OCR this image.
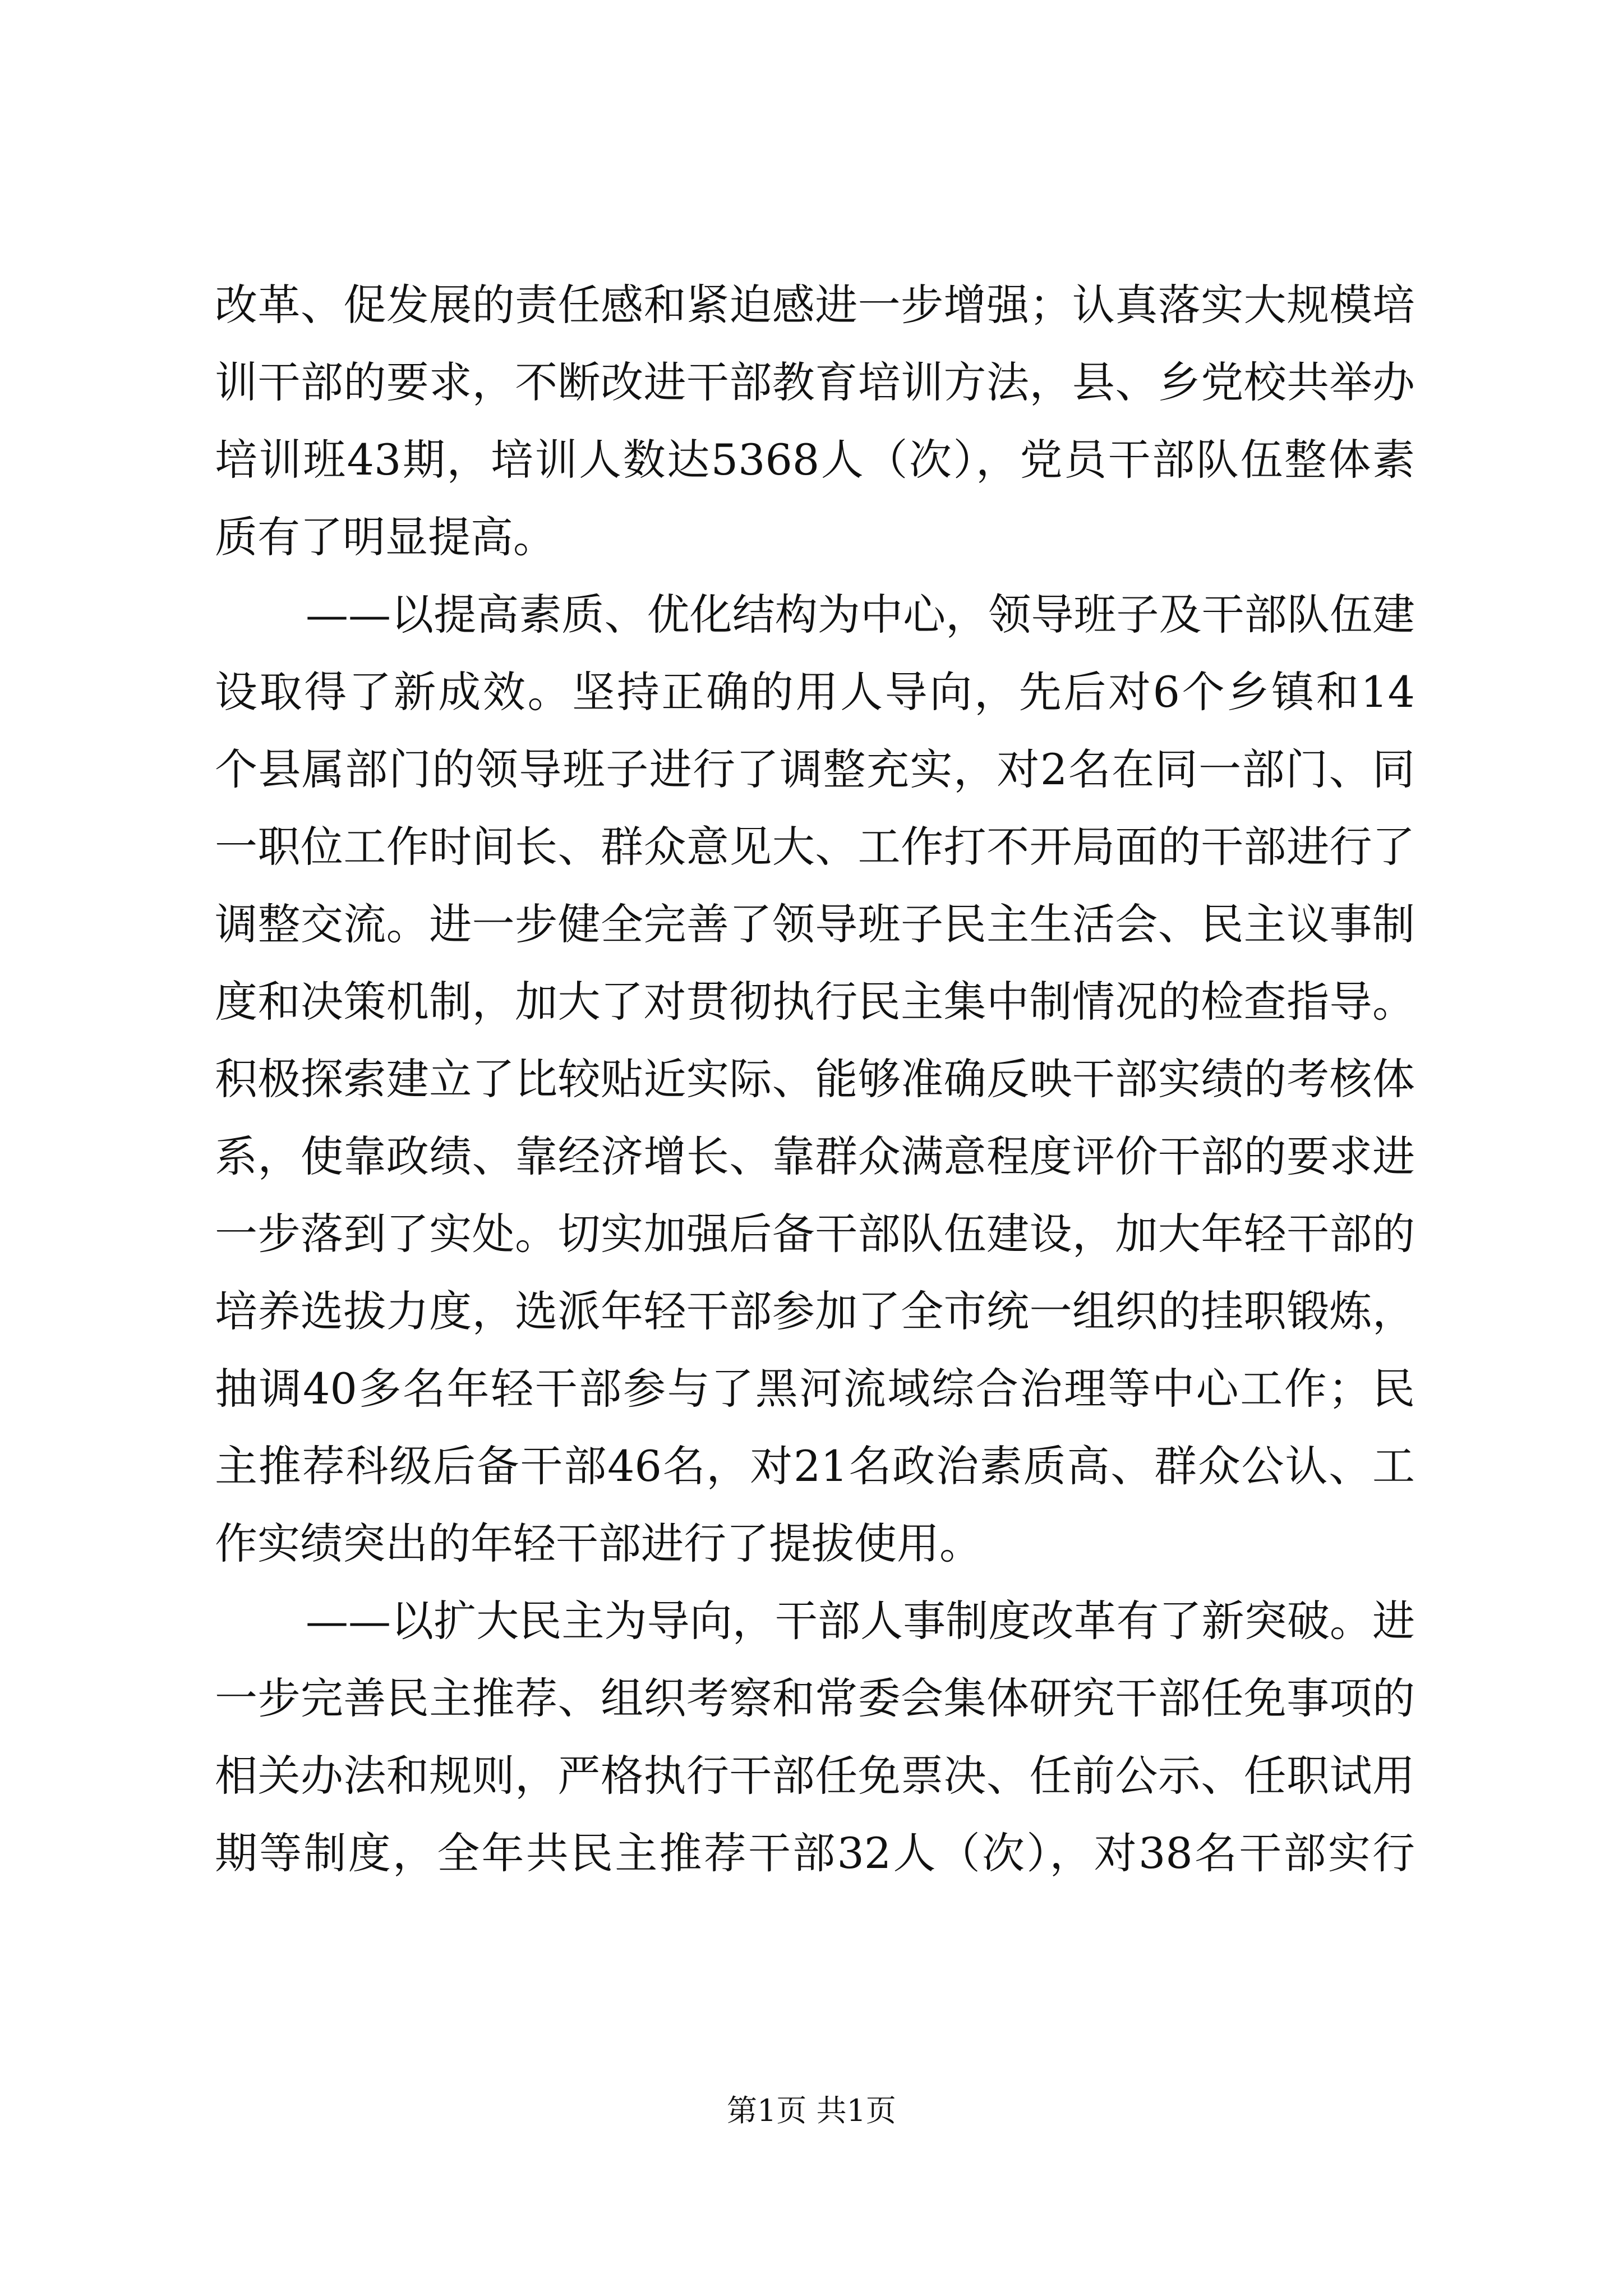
改革、促发展的责任感和紧迫感进一步增强；认真落实大规模培
训干部的要求，不断改进干部教育培训方法，县、乡党校共举办
培训班43期，培训人数达5368人（次），党员干部队伍整体素
质有了明显提高。
——以提高素质、优化结构为中心，领导班子及干部队伍建
设取得了新成效。坚持正确的用人导向，先后对6个乡镇和14
个县属部门的领导班子进行了调整充实，对2名在同一部门、同
一职位工作时间长、群众意见大、工作打不开局面的干部进行了
调整交流。进一步健全完善了领导班子民主生活会、民主议事制
度和决策机制，加大了对贯彻执行民主集中制情况的检查指导。
积极探索建立了比较贴近实际、能够准确反映干部实绩的考核体
系，使靠政绩、靠经济增长、靠群众满意程度评价干部的要求进
一步落到了实处。切实加强后备干部队伍建设，加大年轻干部的
培养选拔力度，选派年轻干部参加了全市统一组织的挂职锻炼，
抽调40多名年轻干部参与了黑河流域综合治理等中心工作；民
主推荐科级后备干部46名，对21名政治素质高、群众公认、工
作实绩突出的年轻干部进行了提拔使用。
——以扩大民主为导向，干部人事制度改革有了新突破。进
一步完善民主推荐、组织考察和常委会集体研究干部任免事项的
相关办法和规则，严格执行干部任免票决、任前公示、任职试用
期等制度，全年共民主推荐干部32人（次），对38名干部实行
第1页 共1页
